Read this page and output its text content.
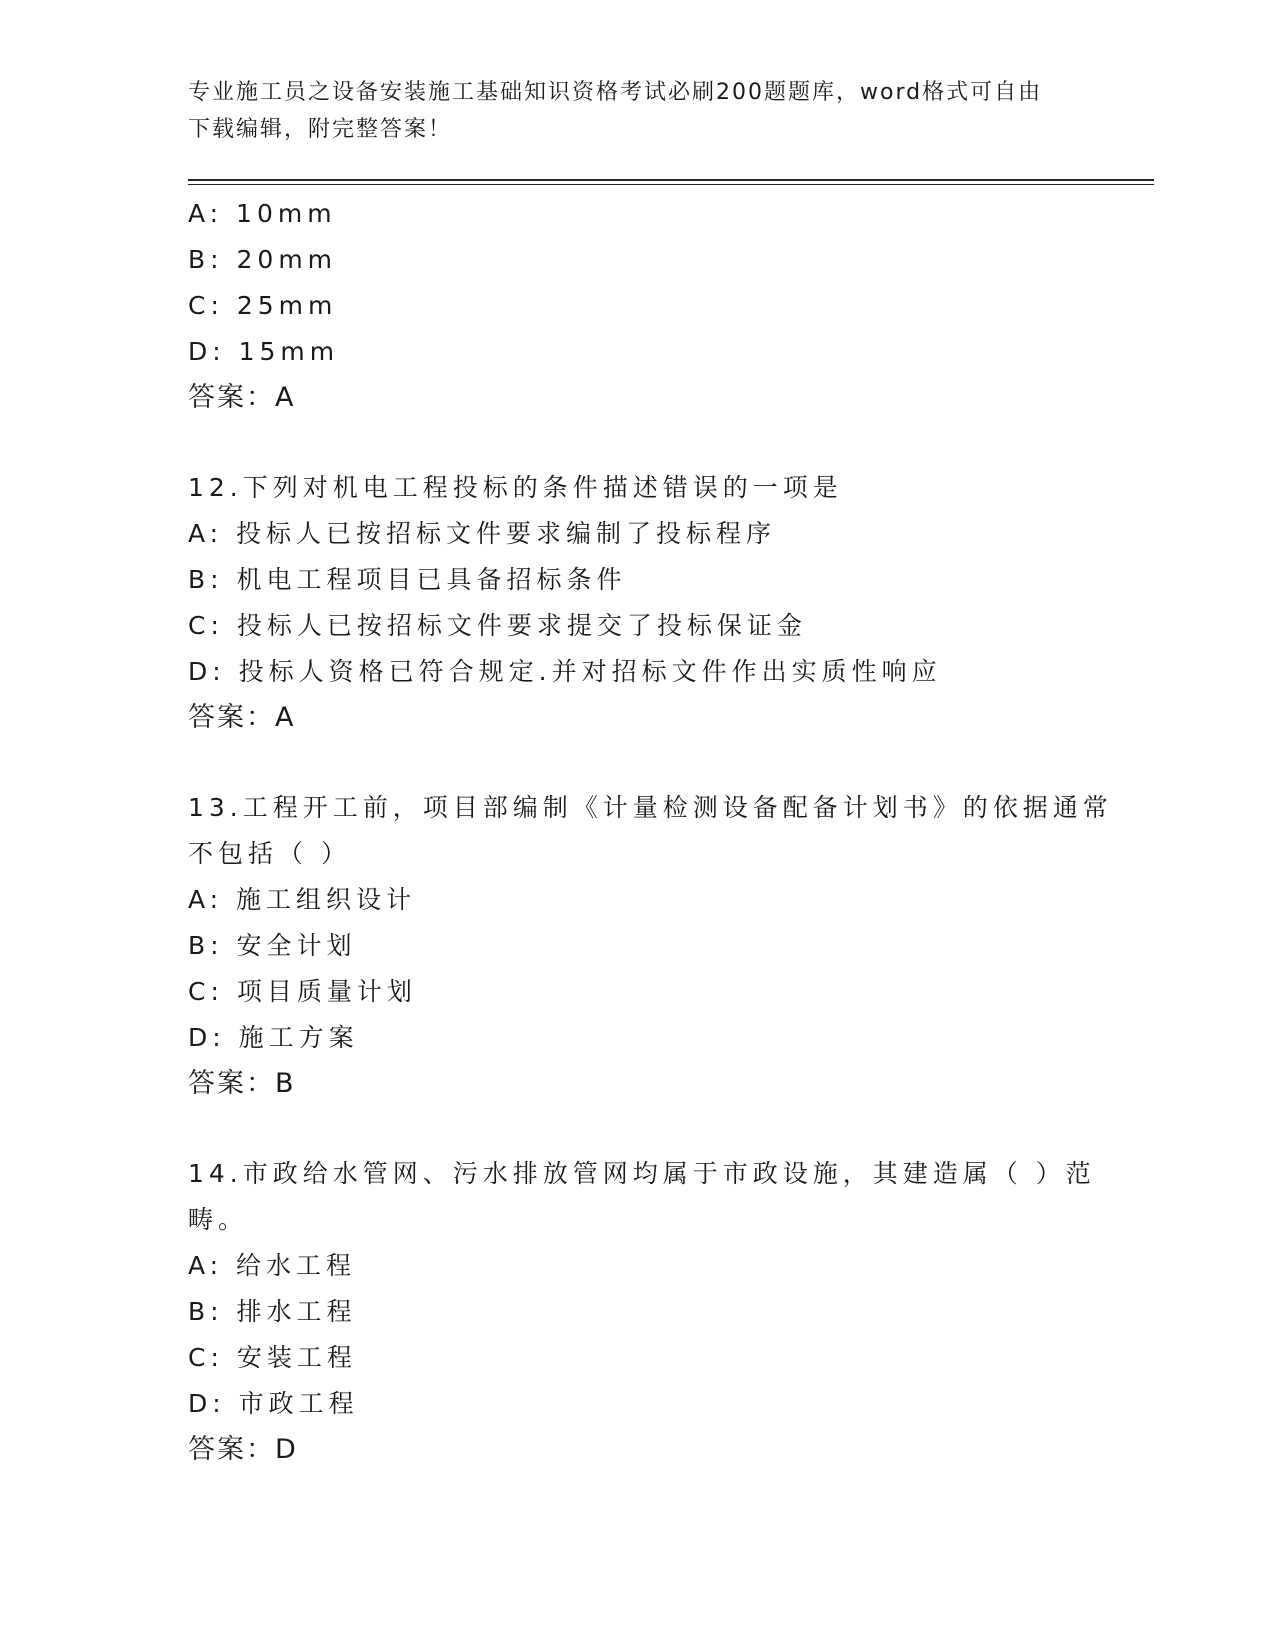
专业施工员之设备安装施工基础知识资格考试必刷200题题库，word格式可自由
下载编辑，附完整答案！
A: 10mm
B: 20mm
C: 25mm
D: 15mm
答案：A
12.下列对机电工程投标的条件描述错误的一项是
A: 投标人已按招标文件要求编制了投标程序
B: 机电工程项目已具备招标条件
C: 投标人已按招标文件要求提交了投标保证金
D: 投标人资格已符合规定.并对招标文件作出实质性响应
答案：A
13.工程开工前，项目部编制《计量检测设备配备计划书》的依据通常
不包括（ ）
A: 施工组织设计
B: 安全计划
C: 项目质量计划
D: 施工方案
答案：B
14.市政给水管网、污水排放管网均属于市政设施，其建造属（ ）范
畴。
A: 给水工程
B: 排水工程
C: 安装工程
D: 市政工程
答案：D
